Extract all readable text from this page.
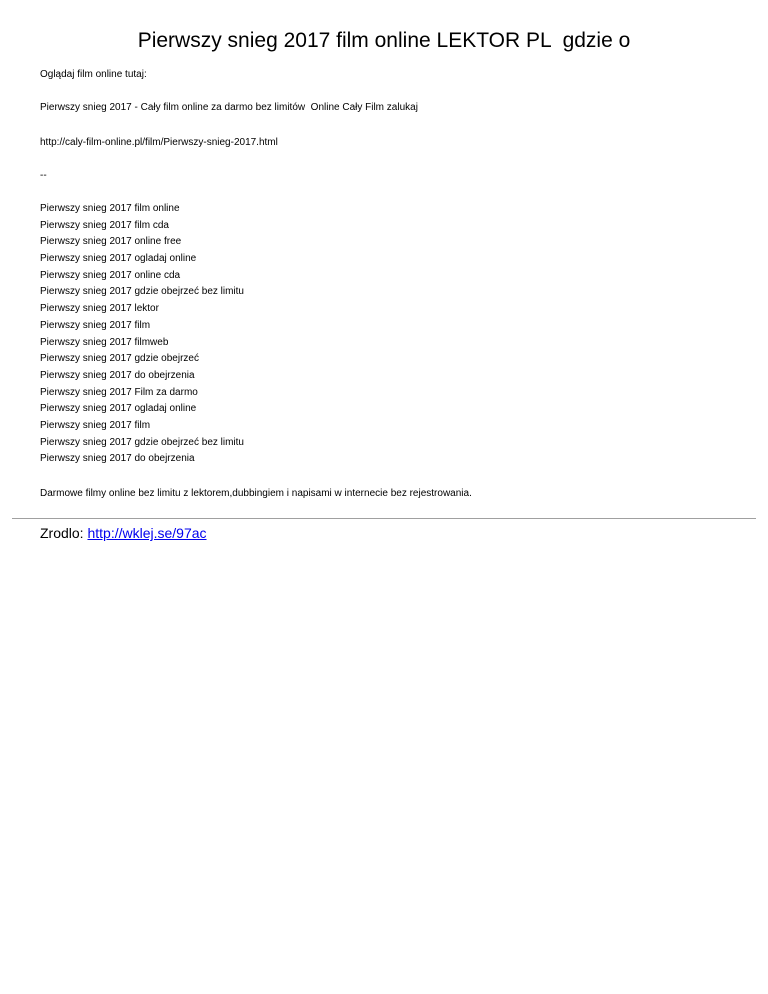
Pierwszy snieg 2017 film online LEKTOR PL  gdzie o

Oglądaj film online tutaj:

Pierwszy snieg 2017 - Cały film online za darmo bez limitów  Online Cały Film zalukaj

http://caly-film-online.pl/film/Pierwszy-snieg-2017.html

--

Pierwszy snieg 2017 film online
Pierwszy snieg 2017 film cda
Pierwszy snieg 2017 online free
Pierwszy snieg 2017 ogladaj online
Pierwszy snieg 2017 online cda
Pierwszy snieg 2017 gdzie obejrzeć bez limitu
Pierwszy snieg 2017 lektor
Pierwszy snieg 2017 film
Pierwszy snieg 2017 filmweb
Pierwszy snieg 2017 gdzie obejrzeć
Pierwszy snieg 2017 do obejrzenia
Pierwszy snieg 2017 Film za darmo
Pierwszy snieg 2017 ogladaj online
Pierwszy snieg 2017 film
Pierwszy snieg 2017 gdzie obejrzeć bez limitu
Pierwszy snieg 2017 do obejrzenia

Darmowe filmy online bez limitu z lektorem,dubbingiem i napisami w internecie bez rejestrowania.

Zrodlo: http://wklej.se/97ac
